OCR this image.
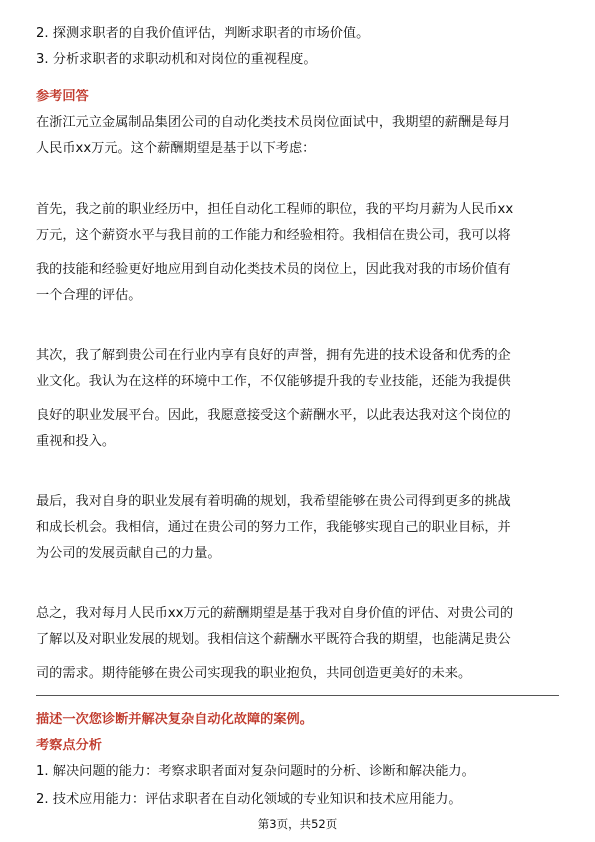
2. 探测求职者的自我价值评估，判断求职者的市场价值。
3. 分析求职者的求职动机和对岗位的重视程度。
参考回答
在浙江元立金属制品集团公司的自动化类技术员岗位面试中，我期望的薪酬是每月
人民币xx万元。这个薪酬期望是基于以下考虑：
首先，我之前的职业经历中，担任自动化工程师的职位，我的平均月薪为人民币xx
万元，这个薪资水平与我目前的工作能力和经验相符。我相信在贵公司，我可以将
我的技能和经验更好地应用到自动化类技术员的岗位上，因此我对我的市场价值有
一个合理的评估。
其次，我了解到贵公司在行业内享有良好的声誉，拥有先进的技术设备和优秀的企
业文化。我认为在这样的环境中工作，不仅能够提升我的专业技能，还能为我提供
良好的职业发展平台。因此，我愿意接受这个薪酬水平，以此表达我对这个岗位的
重视和投入。
最后，我对自身的职业发展有着明确的规划，我希望能够在贵公司得到更多的挑战
和成长机会。我相信，通过在贵公司的努力工作，我能够实现自己的职业目标，并
为公司的发展贡献自己的力量。
总之，我对每月人民币xx万元的薪酬期望是基于我对自身价值的评估、对贵公司的
了解以及对职业发展的规划。我相信这个薪酬水平既符合我的期望，也能满足贵公
司的需求。期待能够在贵公司实现我的职业抱负，共同创造更美好的未来。
描述一次您诊断并解决复杂自动化故障的案例。
考察点分析
1. 解决问题的能力：考察求职者面对复杂问题时的分析、诊断和解决能力。
2. 技术应用能力：评估求职者在自动化领域的专业知识和技术应用能力。
第3页，共52页
